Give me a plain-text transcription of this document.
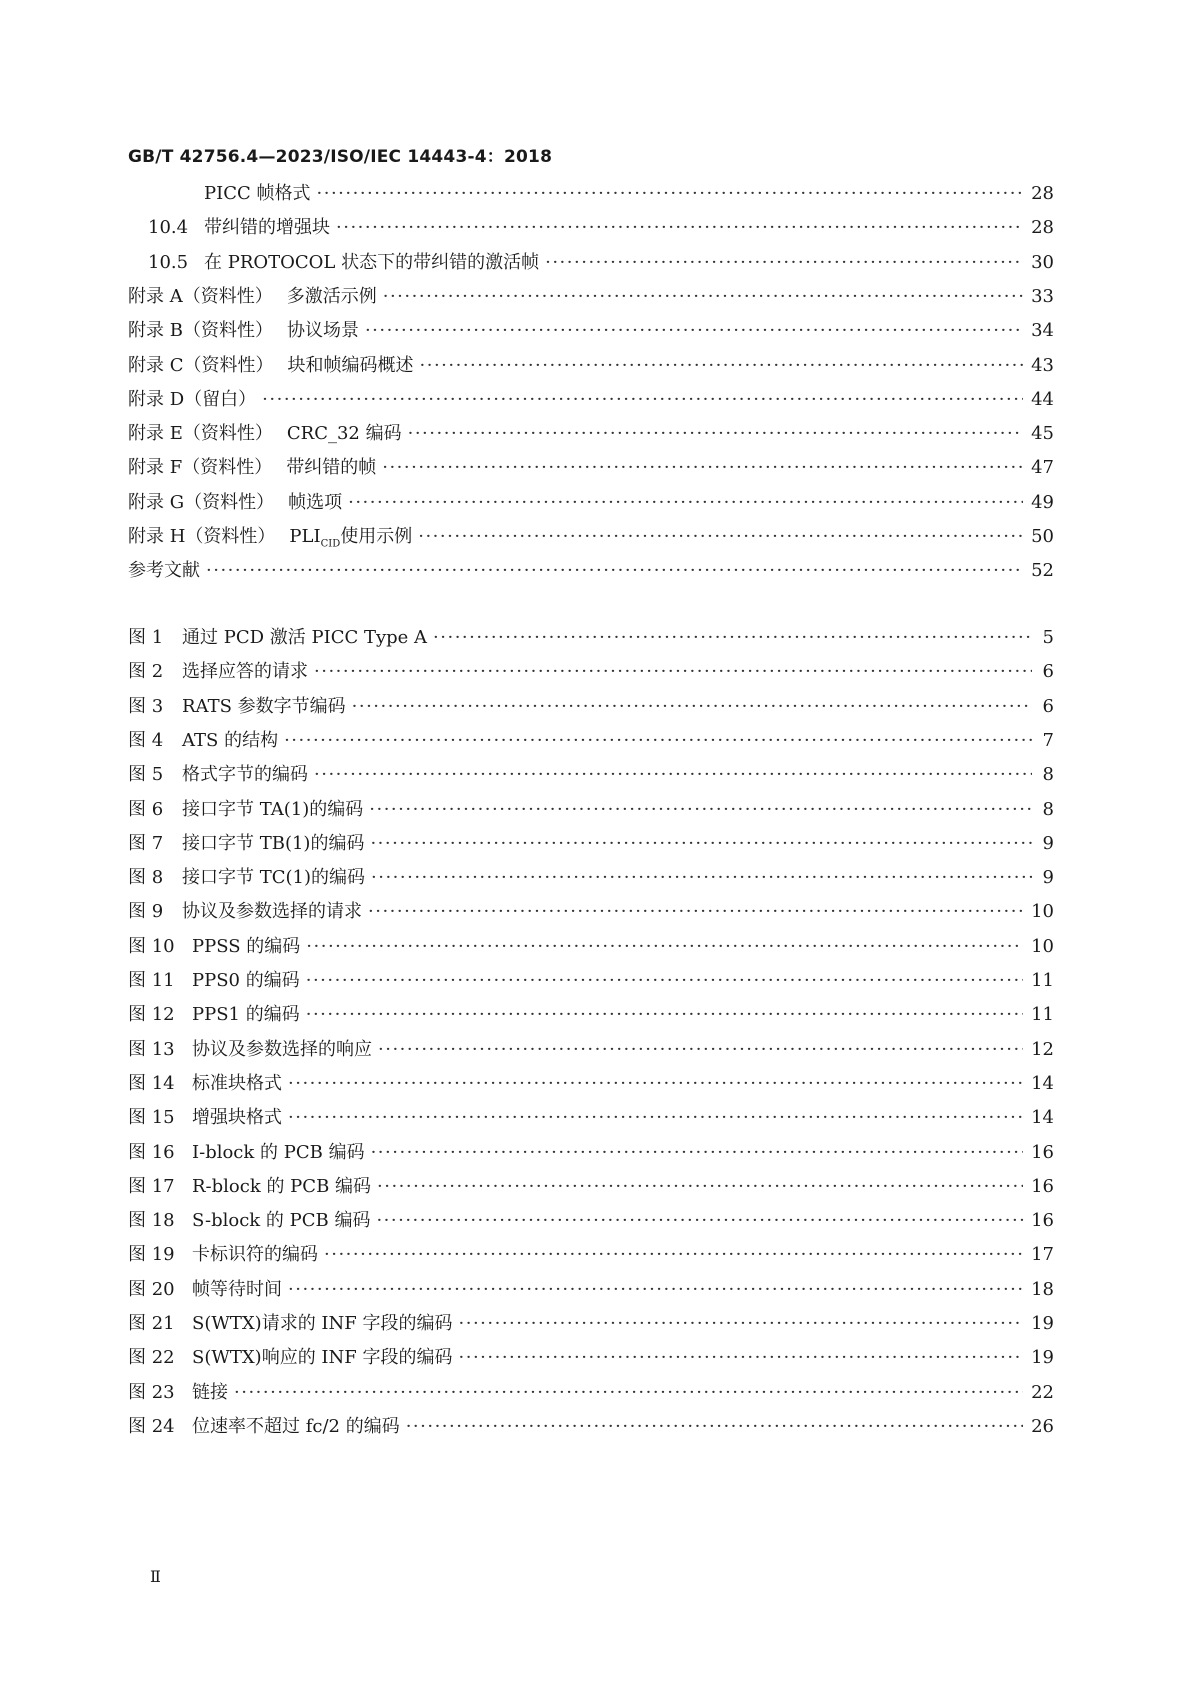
GB/T 42756.4—2023/ISO/IEC 14443-4：2018
PICC 帧格式 ·····	28
10.4 带纠错的增强块 ·····	28
10.5 在 PROTOCOL 状态下的带纠错的激活帧 ·····	30
附录 A（资料性） 多激活示例 ·····	33
附录 B（资料性） 协议场景 ·····	34
附录 C（资料性） 块和帧编码概述 ·····	43
附录 D（留白） ·····	44
附录 E（资料性） CRC_32 编码 ·····	45
附录 F（资料性） 带纠错的帧 ·····	47
附录 G（资料性） 帧选项 ·····	49
附录 H（资料性） $PLI_{CID}$使用示例 ·····	50
参考文献 ·····	52
图 1	通过 PCD 激活 PICC Type A ·····	5
图 2	选择应答的请求 ·····	6
图 3	RATS 参数字节编码 ·····	6
图 4	ATS 的结构 ·····	7
图 5	格式字节的编码 ·····	8
图 6	接口字节 TA(1)的编码 ·····	8
图 7	接口字节 TB(1)的编码 ·····	9
图 8	接口字节 TC(1)的编码 ·····	9
图 9	协议及参数选择的请求 ·····	10
图 10 PPSS 的编码 ·····	10
图 11 PPS0 的编码 ·····	11
图 12 PPS1 的编码 ·····	11
图 13 协议及参数选择的响应 ·····	12
图 14 标准块格式 ·····	14
图 15 增强块格式 ·····	14
图 16 I-block 的 PCB 编码 ·····	16
图 17 R-block 的 PCB 编码 ·····	16
图 18 S-block 的 PCB 编码 ·····	16
图 19 卡标识符的编码 ·····	17
图 20 帧等待时间 ·····	18
图 21 S(WTX)请求的 INF 字段的编码 ·····	19
图 22 S(WTX)响应的 INF 字段的编码 ·····	19
图 23 链接 ·····	22
图 24 位速率不超过 fc/2 的编码 ·····	26
Ⅱ
